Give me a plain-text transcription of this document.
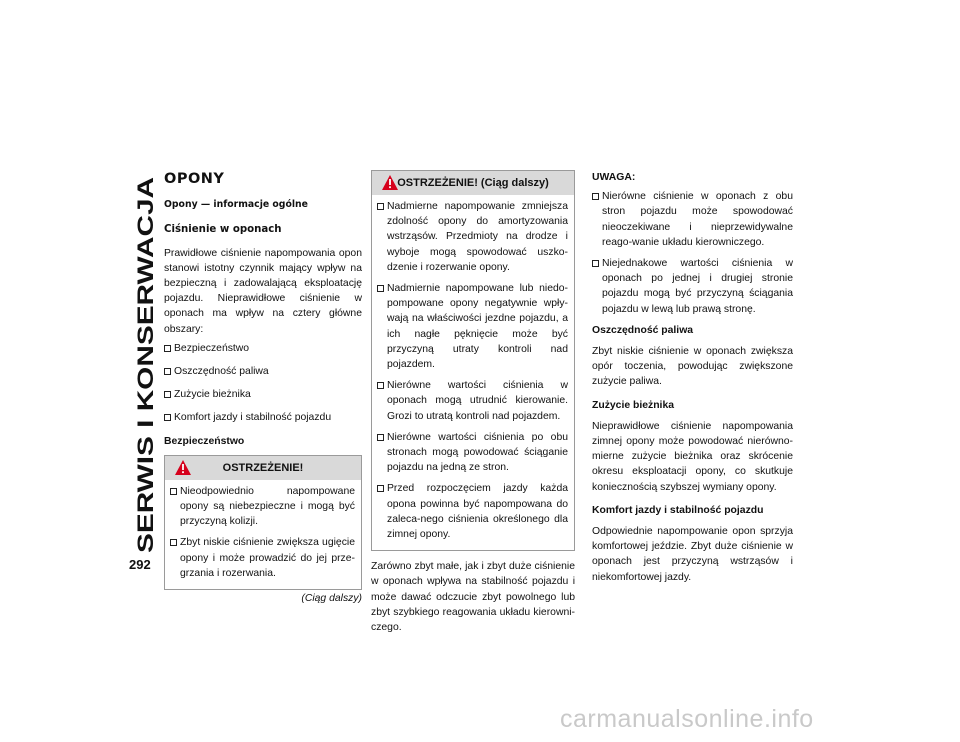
SERWIS I KONSERWACJA
292
OPONY
Opony — informacje ogólne
Ciśnienie w oponach

Prawidłowe ciśnienie napompowania opon stanowi istotny czynnik mający wpływ na bezpieczną i zadowalającą eksploatację pojazdu. Nieprawidłowe ciśnienie w oponach ma wpływ na cztery główne obszary:

Bezpieczeństwo
Oszczędność paliwa
Zużycie bieżnika
Komfort jazdy i stabilność pojazdu
Bezpieczeństwo
OSTRZEŻENIE!
Nieodpowiednio napompowane opony są niebezpieczne i mogą być przyczyną kolizji.
Zbyt niskie ciśnienie zwiększa ugięcie opony i może prowadzić do jej prze-grzania i rozerwania.
(Ciąg dalszy)
OSTRZEŻENIE! (Ciąg dalszy)
Nadmierne napompowanie zmniejsza zdolność opony do amortyzowania wstrząsów. Przedmioty na drodze i wyboje mogą spowodować uszko-dzenie i rozerwanie opony.
Nadmiernie napompowane lub niedo-pompowane opony negatywnie wpły-wają na właściwości jezdne pojazdu, a ich nagłe pęknięcie może być przyczyną utraty kontroli nad pojazdem.
Nierówne wartości ciśnienia w oponach mogą utrudnić kierowanie. Grozi to utratą kontroli nad pojazdem.
Nierówne wartości ciśnienia po obu stronach mogą powodować ściąganie pojazdu na jedną ze stron.
Przed rozpoczęciem jazdy każda opona powinna być napompowana do zaleca-nego ciśnienia określonego dla zimnej opony.

Zarówno zbyt małe, jak i zbyt duże ciśnienie w oponach wpływa na stabilność pojazdu i może dawać odczucie zbyt powolnego lub zbyt szybkiego reagowania układu kierowni-czego.

UWAGA:
Nierówne ciśnienie w oponach z obu stron pojazdu może spowodować nieoczekiwane i nieprzewidywalne reago-wanie układu kierowniczego.
Niejednakowe wartości ciśnienia w oponach po jednej i drugiej stronie pojazdu mogą być przyczyną ściągania pojazdu w lewą lub prawą stronę.
Oszczędność paliwa

Zbyt niskie ciśnienie w oponach zwiększa opór toczenia, powodując zwiększone zużycie paliwa.

Zużycie bieżnika

Nieprawidłowe ciśnienie napompowania zimnej opony może powodować nierówno-mierne zużycie bieżnika oraz skrócenie okresu eksploatacji opony, co skutkuje koniecznością szybszej wymiany opony.

Komfort jazdy i stabilność pojazdu

Odpowiednie napompowanie opon sprzyja komfortowej jeździe. Zbyt duże ciśnienie w oponach jest przyczyną wstrząsów i niekomfortowej jazdy.

carmanualsonline.info
